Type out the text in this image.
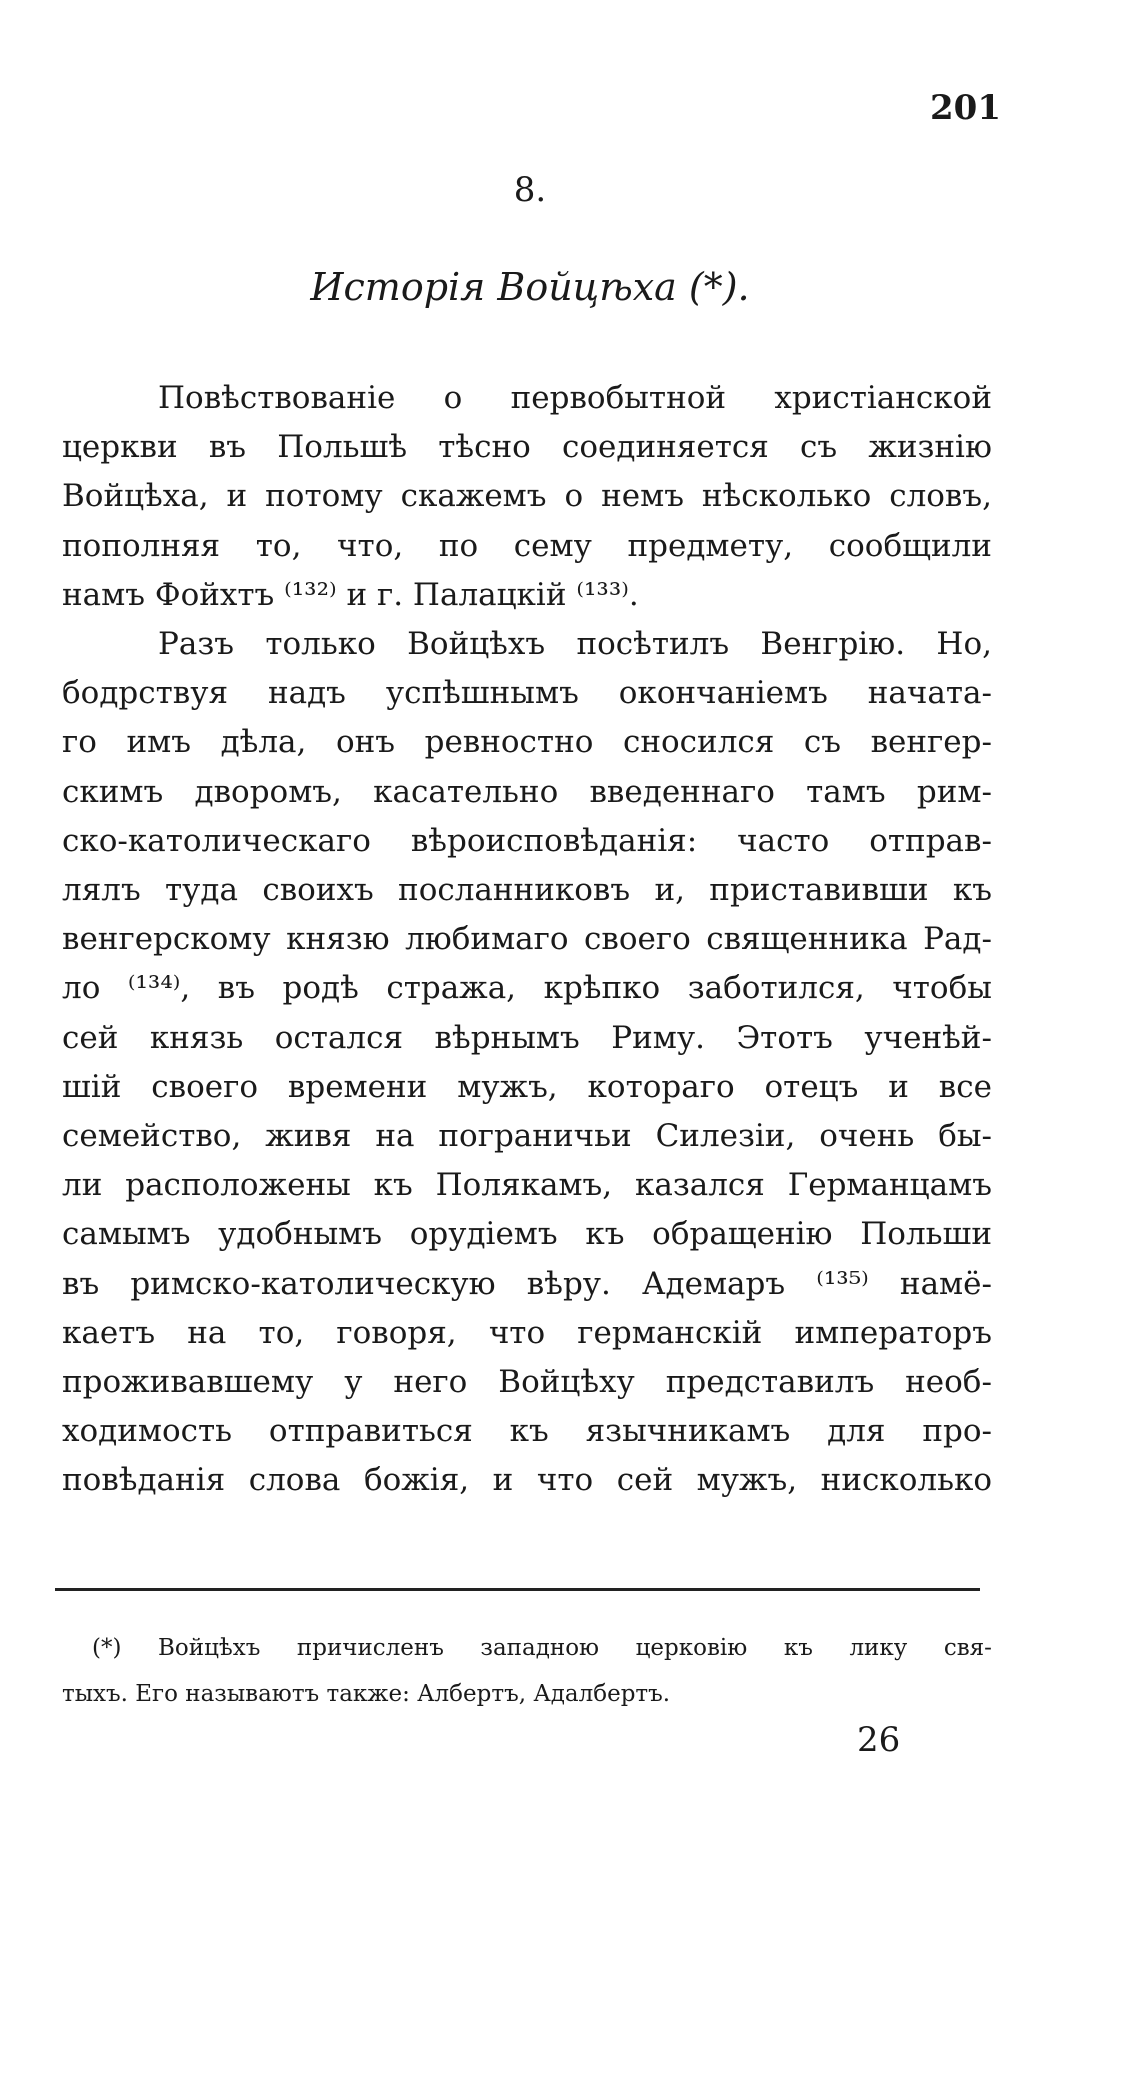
201
8.
Исторія Войцѣха (*).
Повѣствованіе о первобытной христіанской
церкви въ Польшѣ тѣсно соединяется съ жизнію
Войцѣха, и потому скажемъ о немъ нѣсколько словъ,
пополняя то, что, по сему предмету, сообщили
намъ Фойхтъ ⁽¹³²⁾ и г. Палацкій ⁽¹³³⁾.
Разъ только Войцѣхъ посѣтилъ Венгрію. Но,
бодрствуя надъ успѣшнымъ окончаніемъ начата-
го имъ дѣла, онъ ревностно сносился съ венгер-
скимъ дворомъ, касательно введеннаго тамъ рим-
ско-католическаго вѣроисповѣданія: часто отправ-
лялъ туда своихъ посланниковъ и, приставивши къ
венгерскому князю любимаго своего священника Рад-
ло ⁽¹³⁴⁾, въ родѣ стража, крѣпко заботился, чтобы
сей князь остался вѣрнымъ Риму. Этотъ ученѣй-
шій своего времени мужъ, котораго отецъ и все
семейство, живя на пограничьи Силезіи, очень бы-
ли расположены къ Полякамъ, казался Германцамъ
самымъ удобнымъ орудіемъ къ обращенію Польши
въ римско-католическую вѣру. Адемаръ ⁽¹³⁵⁾ намё-
каетъ на то, говоря, что германскій императоръ
проживавшему у него Войцѣху представилъ необ-
ходимость отправиться къ язычникамъ для про-
повѣданія слова божія, и что сей мужъ, нисколько
(*) Войцѣхъ причисленъ западною церковію къ лику свя-
тыхъ. Его называютъ также: Албертъ, Адалбертъ.
26
